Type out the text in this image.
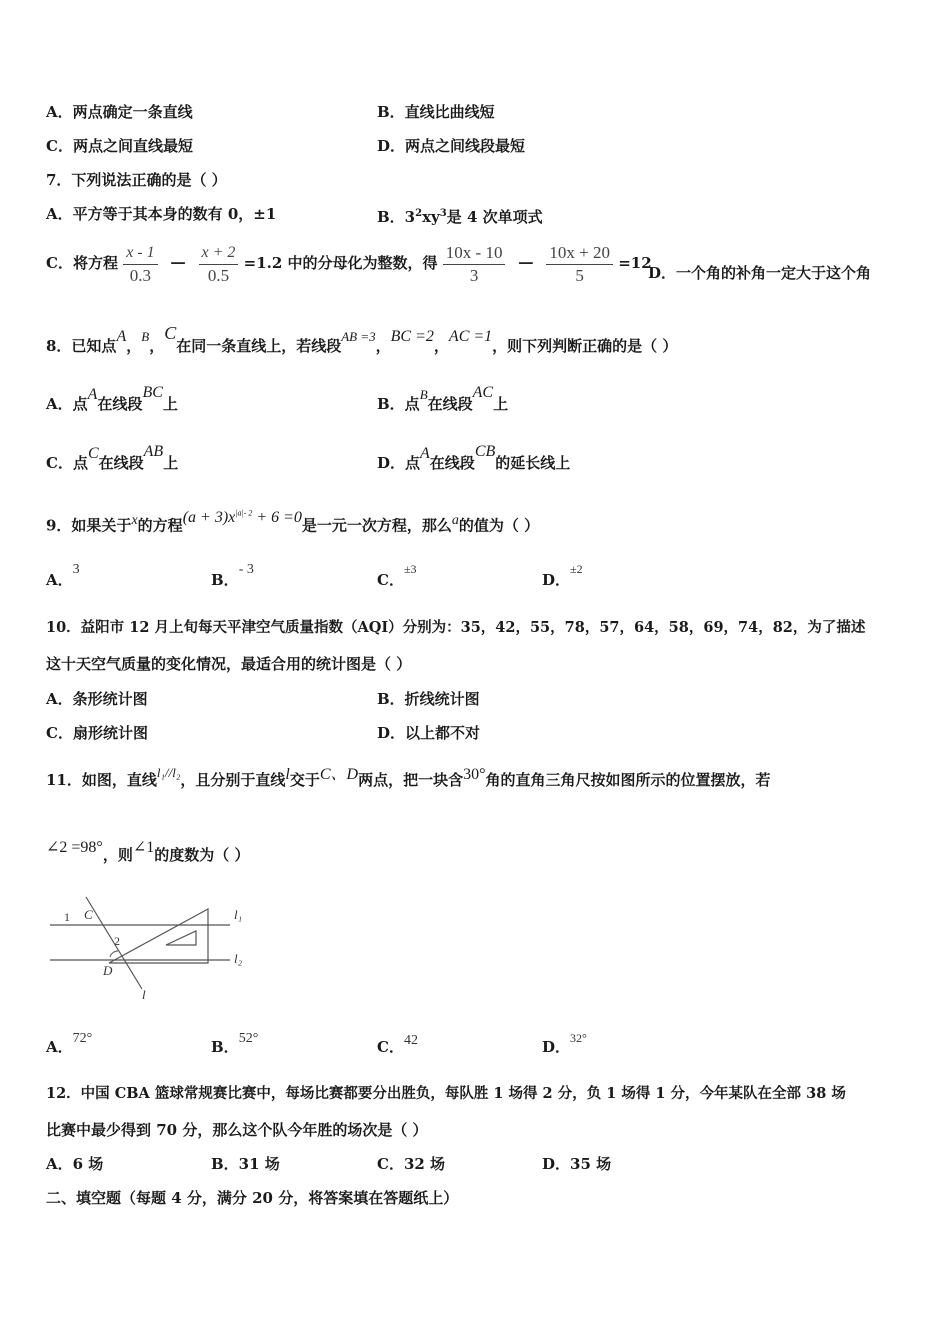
A．两点确定一条直线	B．直线比曲线短
C．两点之间直线最短	D．两点之间线段最短
7．下列说法正确的是（ ）
A．平方等于其本身的数有 0，±1	B．$3^2xy^3$是 4 次单项式
C．将方程 $\frac{x - 1}{0.3} - \frac{x + 2}{0.5} =1.2$ 中的分母化为整数，得 $\frac{10x - 10}{3} - \frac{10x + 20}{5} =12$
D．一个角的补角一定大于这个角
8．已知点A，B，C在同一条直线上，若线段AB =3，BC =2，AC =1，则下列判断正确的是（ ）
A．点A在线段BC上	B．点B在线段AC上
C．点C在线段AB上	D．点A在线段CB的延长线上
9．如果关于x的方程$(a + 3)x^{|a|- 2} + 6 =0$是一元一次方程，那么a的值为（ ）
A．3
B．- 3
C．$^{\pm 3}$
D．$^{\pm 2}$
10．益阳市 12 月上旬每天平津空气质量指数（AQI）分别为：35，42，55，78，57，64，58，69，74，82，为了描述
这十天空气质量的变化情况，最适合用的统计图是（ ）
A．条形统计图	B．折线统计图
C．扇形统计图	D．以上都不对
11．如图，直线l₁//l₂，且分别于直线l交于C、D两点，把一块含30°角的直角三角尺按如图所示的位置摆放，若
∠2 =98°，则∠1的度数为（ ）
1 C
2
D
l₁
l₂
l
A．72°	B．52°	C．42	D．$^{32^\circ}$
12．中国 CBA 篮球常规赛比赛中，每场比赛都要分出胜负，每队胜 1 场得 2 分，负 1 场得 1 分，今年某队在全部 38 场
比赛中最少得到 70 分，那么这个队今年胜的场次是（ ）
A．6 场	B．31 场	C．32 场	D．35 场
二、填空题（每题 4 分，满分 20 分，将答案填在答题纸上）
